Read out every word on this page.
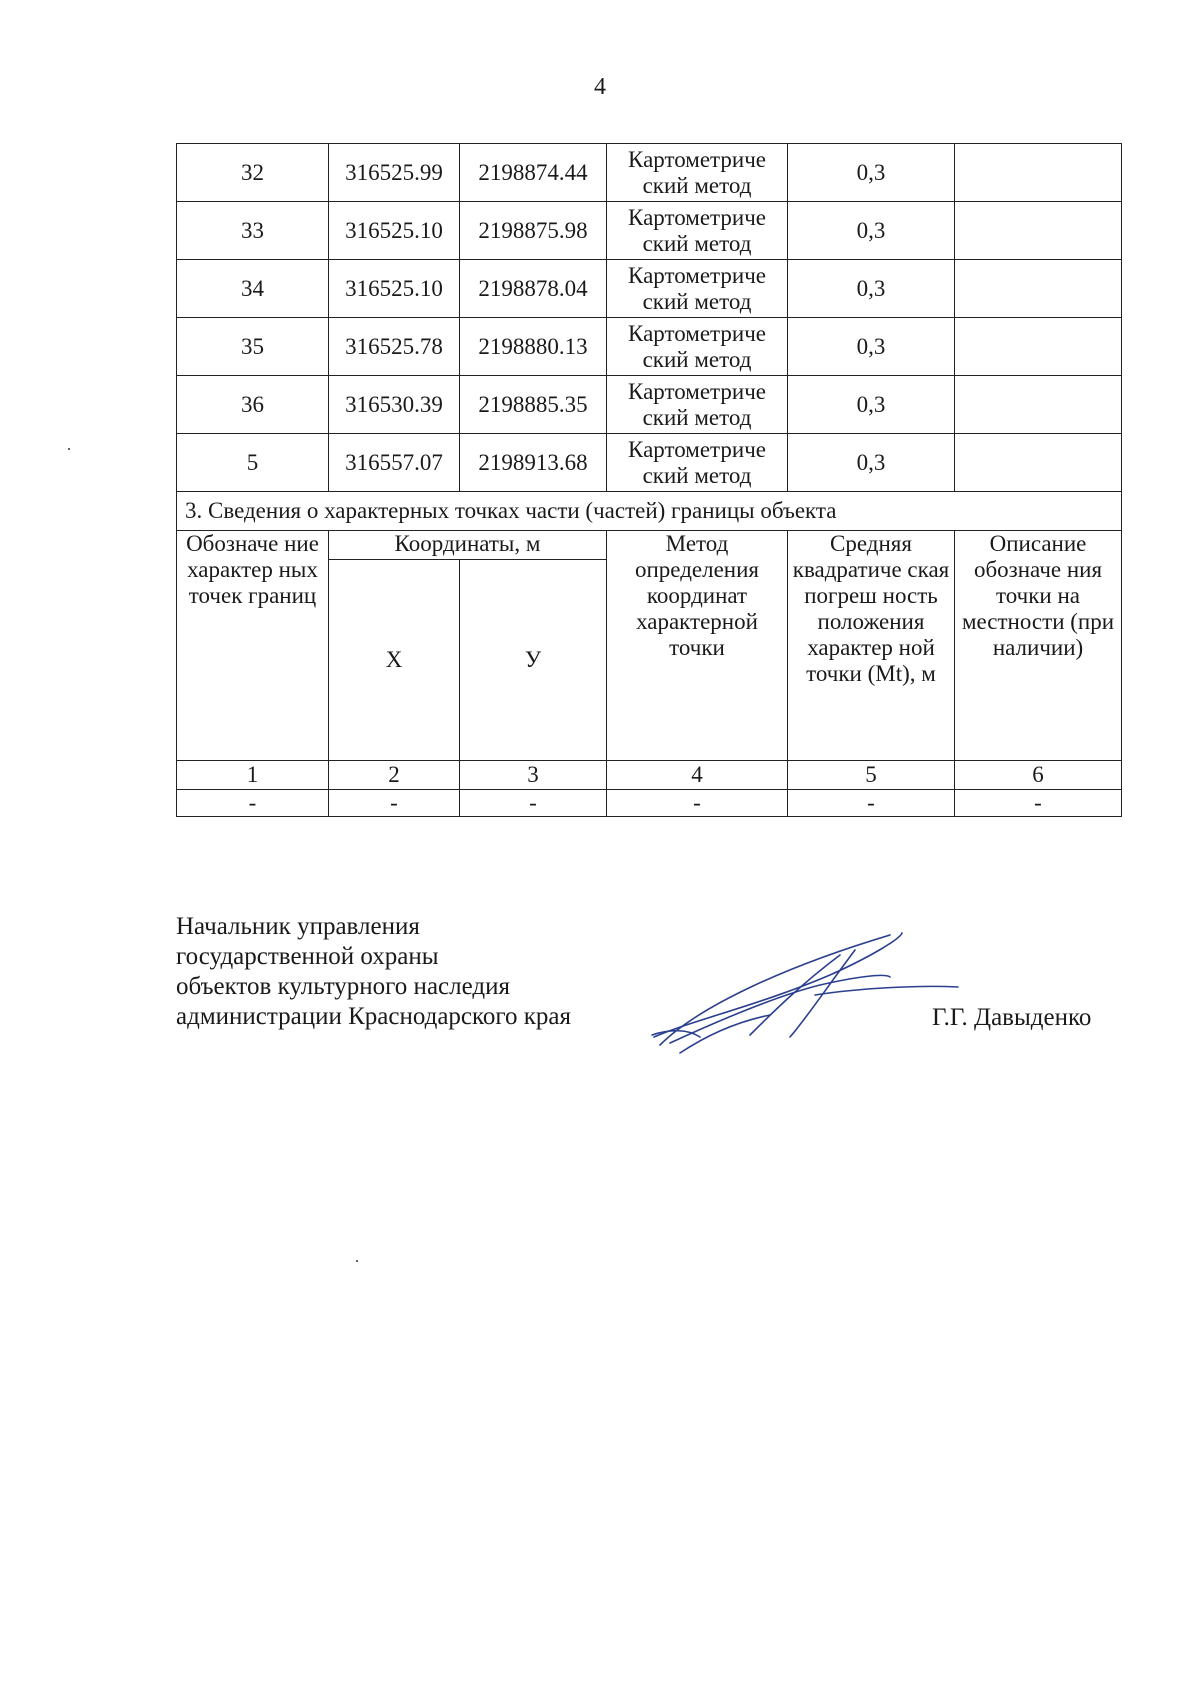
4
32	316525.99	2198874.44	Картометриче ский метод	0,3	
33	316525.10	2198875.98	Картометриче ский метод	0,3	
34	316525.10	2198878.04	Картометриче ский метод	0,3	
35	316525.78	2198880.13	Картометриче ский метод	0,3	
36	316530.39	2198885.35	Картометриче ский метод	0,3	
5	316557.07	2198913.68	Картометриче ский метод	0,3	
3. Сведения о характерных точках части (частей) границы объекта					

Обозначе ние характер ных точек границ	Координаты, м		Метод определения координат характерной точки	Средняя квадратиче ская погреш ность положения характер ной точки (Mt), м	Описание обозначе ния точки на местности (при наличии)

	Х	У			
1	2	3	4	5	6
-	-	-	-	-	-
Начальник управления
государственной охраны
объектов культурного наследия
администрации Краснодарского края	Г.Г. Давыденко
